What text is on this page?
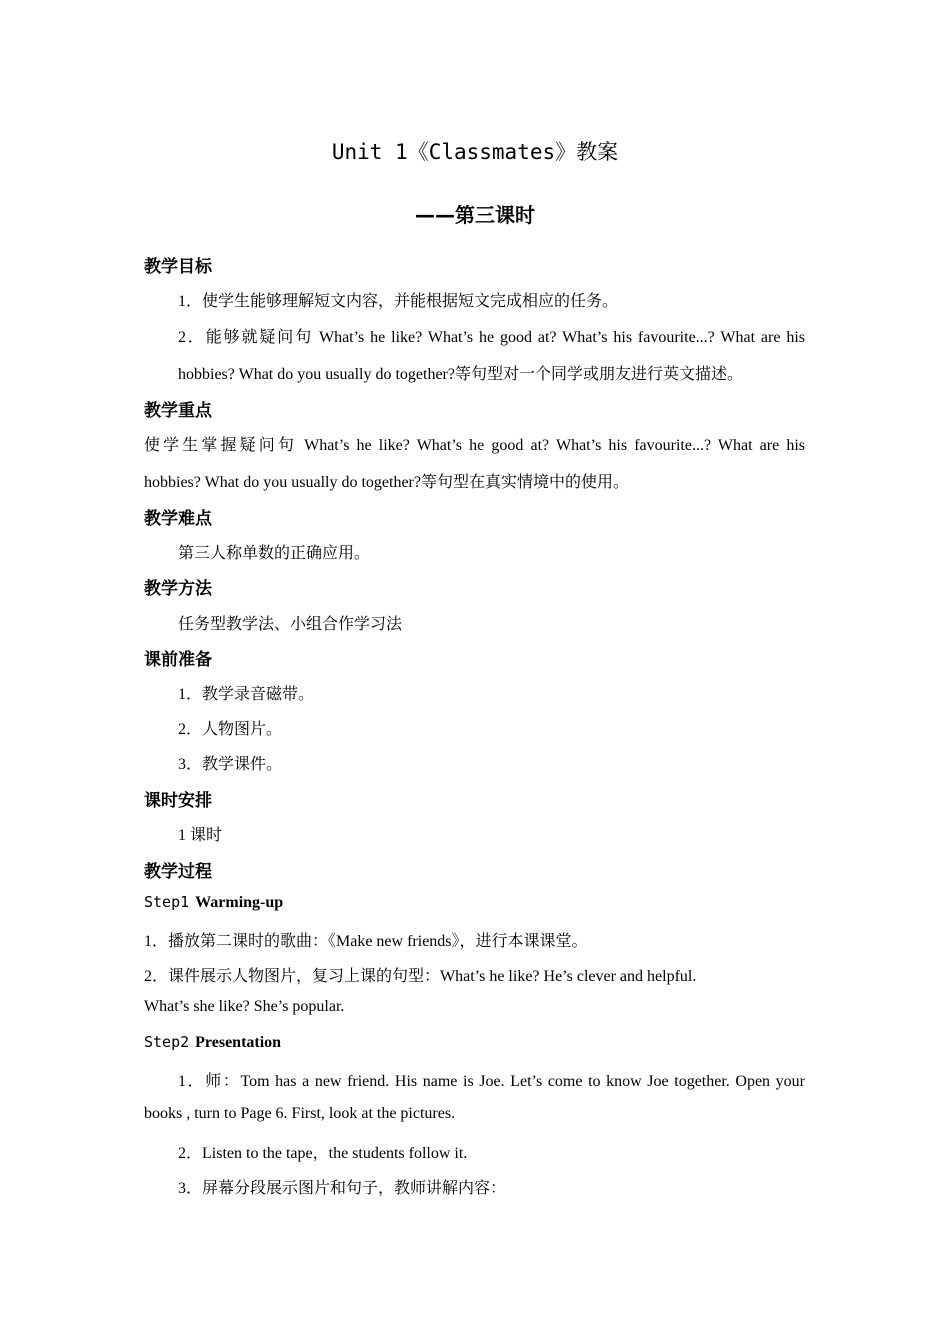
Unit 1《Classmates》教案
——第三课时
教学目标
1．使学生能够理解短文内容，并能根据短文完成相应的任务。
2．能够就疑问句 What’s he like? What’s he good at? What’s his favourite...? What are his
hobbies? What do you usually do together?等句型对一个同学或朋友进行英文描述。
教学重点
使学生掌握疑问句 What’s he like? What’s he good at? What’s his favourite...? What are his
hobbies? What do you usually do together?等句型在真实情境中的使用。
教学难点
第三人称单数的正确应用。
教学方法
任务型教学法、小组合作学习法
课前准备
1．教学录音磁带。
2．人物图片。
3．教学课件。
课时安排
1 课时
教学过程
Step1 Warming-up
1．播放第二课时的歌曲：《Make new friends》，进行本课课堂。
2．课件展示人物图片，复习上课的句型：What’s he like? He’s clever and helpful.
What’s she like? She’s popular.
Step2 Presentation
1．师：Tom has a new friend. His name is Joe. Let’s come to know Joe together. Open your
books , turn to Page 6. First, look at the pictures.
2．Listen to the tape，the students follow it.
3．屏幕分段展示图片和句子，教师讲解内容：
